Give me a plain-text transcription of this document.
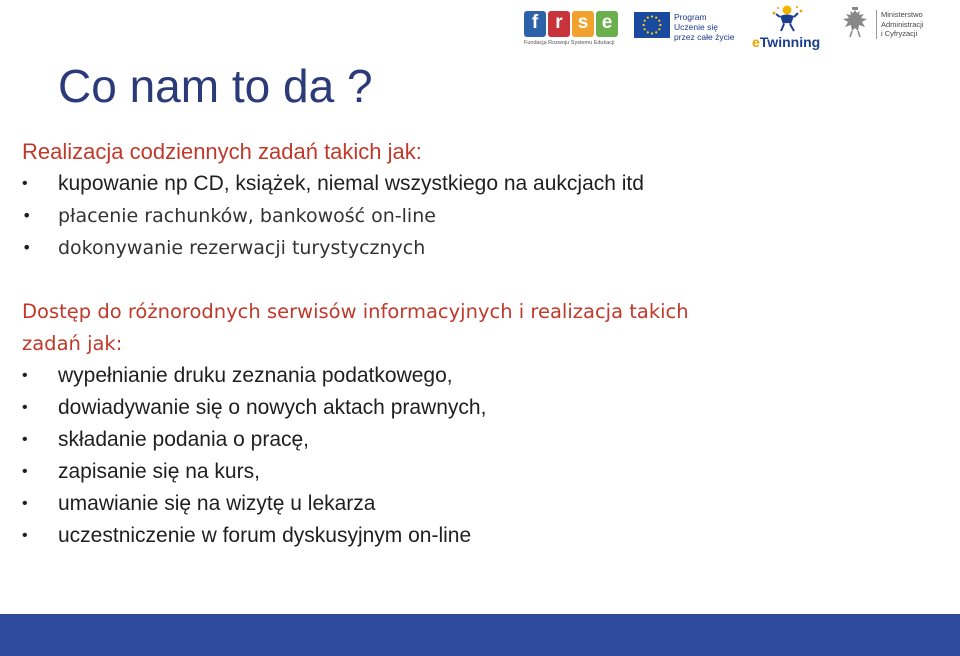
f r s e
Fundacja Rozwoju Systemu Edukacji
Program
Uczenie się
przez całe życie eTwinning
Ministerstwo
Administracji
i Cyfryzacji
Co nam to da ?

Realizacja codziennych zadań takich jak:

• kupowanie np CD, książek, niemal wszystkiego na aukcjach itd
• płacenie rachunków, bankowość on-line
• dokonywanie rezerwacji turystycznych

Dostęp do różnorodnych serwisów informacyjnych i realizacja takich
zadań jak:

• wypełnianie druku zeznania podatkowego,
• dowiadywanie się o nowych aktach prawnych,
• składanie podania o pracę,
• zapisanie się na kurs,
• umawianie się na wizytę u lekarza
• uczestniczenie w forum dyskusyjnym on-line
